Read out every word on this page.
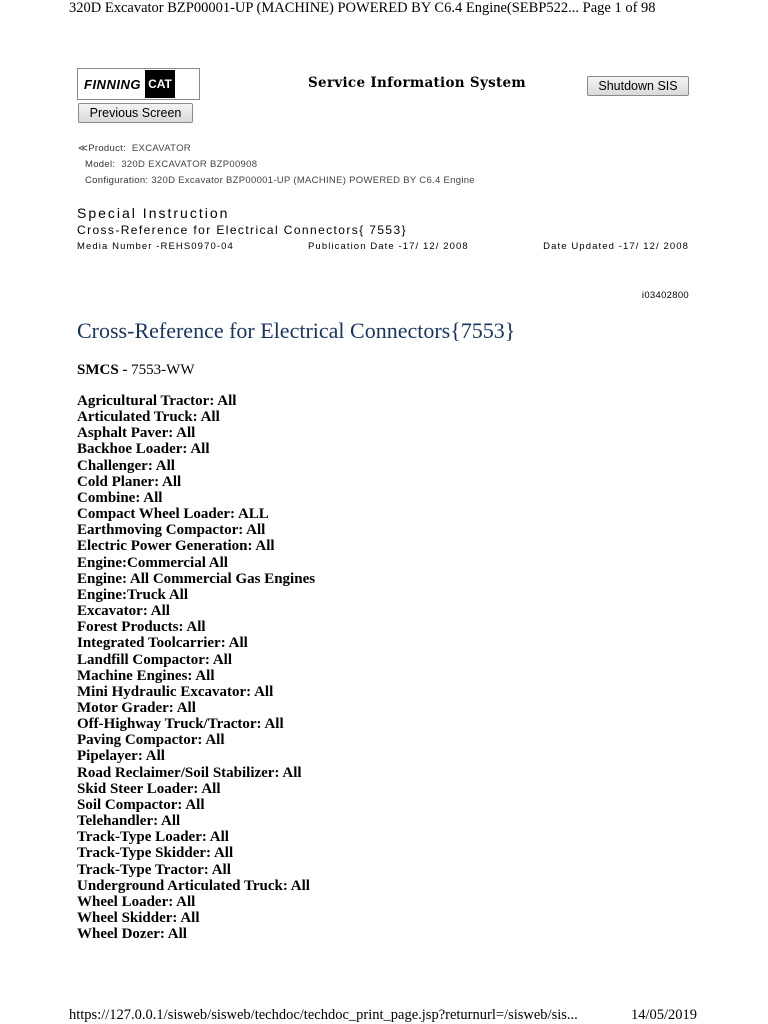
320D Excavator BZP00001-UP (MACHINE) POWERED BY C6.4 Engine(SEBP522... Page 1 of 98
FINNING CAT	Service Information System	Shutdown SIS
Previous Screen
≪Product: EXCAVATOR
Model: 320D EXCAVATOR BZP00908
Configuration: 320D Excavator BZP00001-UP (MACHINE) POWERED BY C6.4 Engine
Special Instruction
Cross-Reference for Electrical Connectors{ 7553}
Media Number -REHS0970-04	Publication Date -17/ 12/ 2008	Date Updated -17/ 12/ 2008
i03402800
Cross-Reference for Electrical Connectors{7553}
SMCS - 7553-WW
Agricultural Tractor: All
Articulated Truck: All
Asphalt Paver: All
Backhoe Loader: All
Challenger: All
Cold Planer: All
Combine: All
Compact Wheel Loader: ALL
Earthmoving Compactor: All
Electric Power Generation: All
Engine:Commercial All
Engine: All Commercial Gas Engines
Engine:Truck All
Excavator: All
Forest Products: All
Integrated Toolcarrier: All
Landfill Compactor: All
Machine Engines: All
Mini Hydraulic Excavator: All
Motor Grader: All
Off-Highway Truck/Tractor: All
Paving Compactor: All
Pipelayer: All
Road Reclaimer/Soil Stabilizer: All
Skid Steer Loader: All
Soil Compactor: All
Telehandler: All
Track-Type Loader: All
Track-Type Skidder: All
Track-Type Tractor: All
Underground Articulated Truck: All
Wheel Loader: All
Wheel Skidder: All
Wheel Dozer: All
https://127.0.0.1/sisweb/sisweb/techdoc/techdoc_print_page.jsp?returnurl=/sisweb/sis...	14/05/2019
